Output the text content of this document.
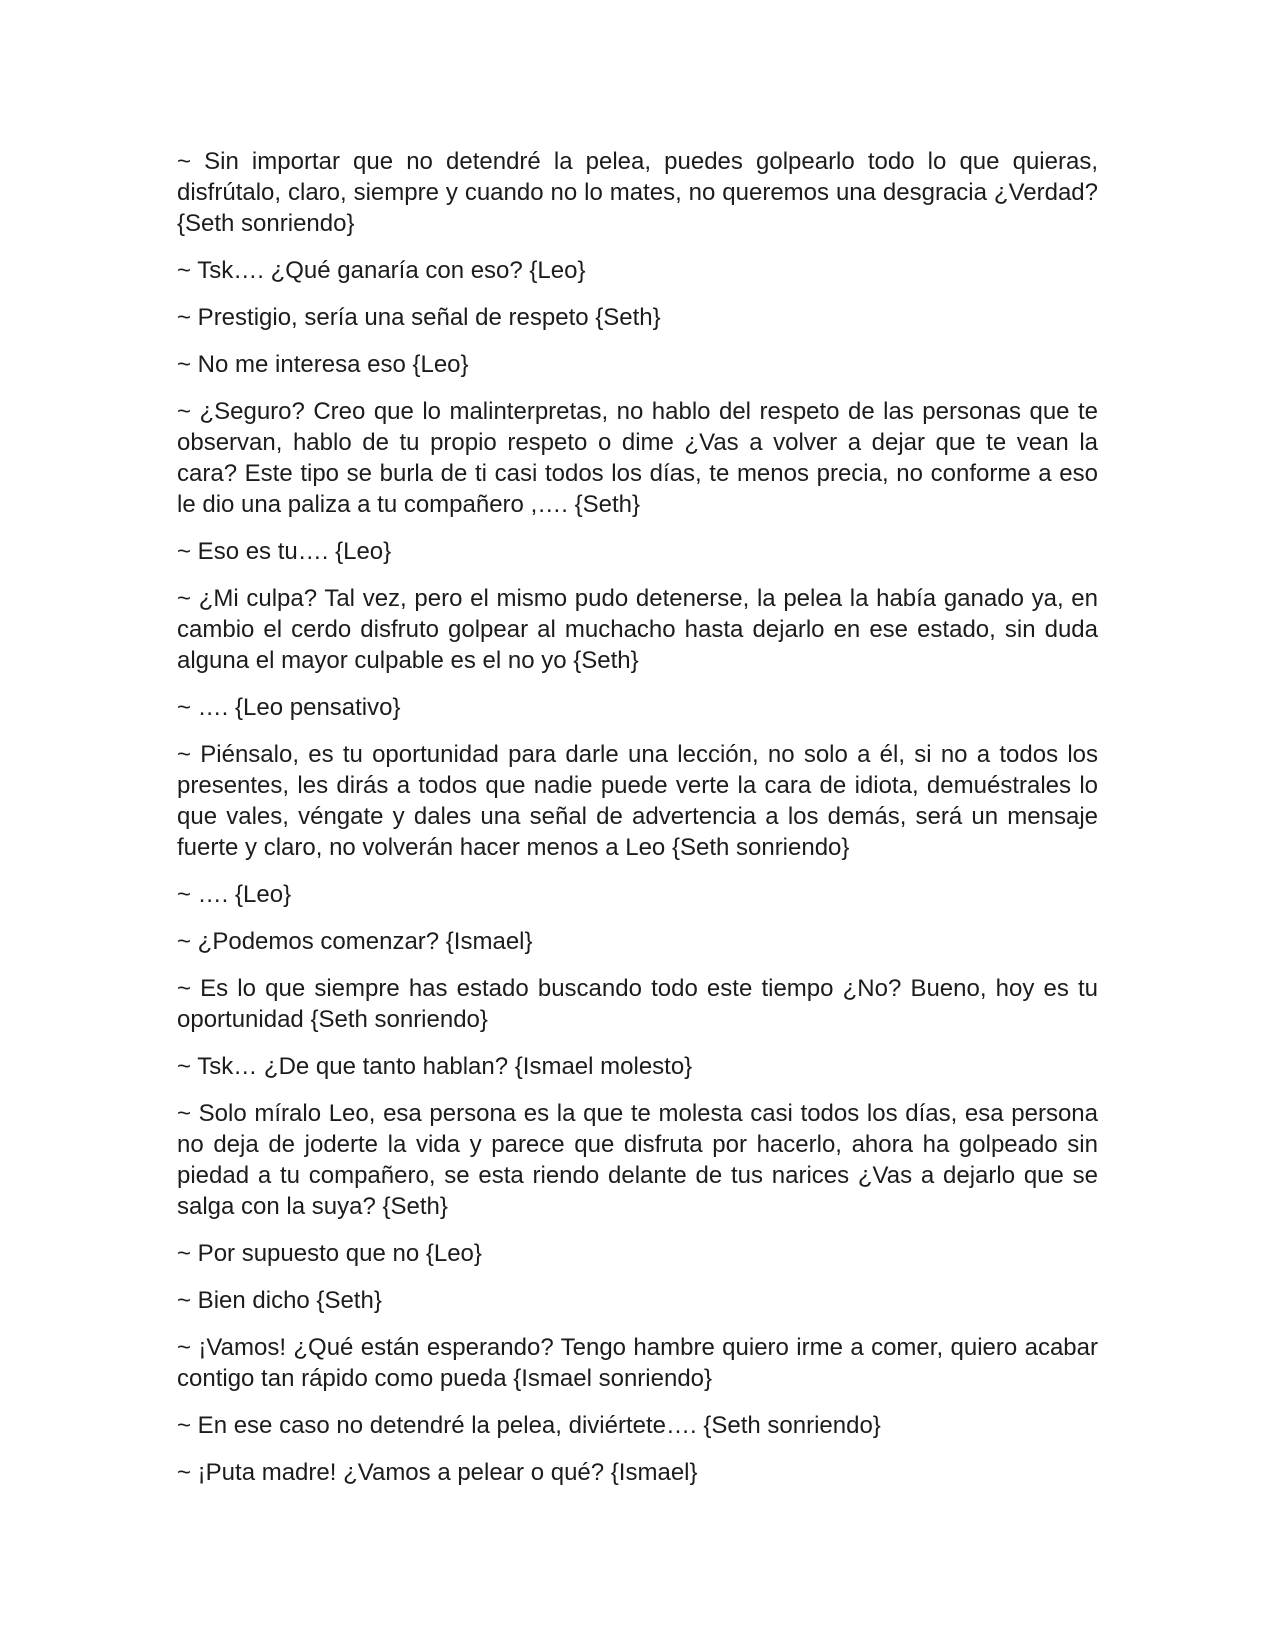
~ Sin importar que no detendré la pelea, puedes golpearlo todo lo que quieras, disfrútalo, claro, siempre y cuando no lo mates, no queremos una desgracia ¿Verdad? {Seth sonriendo}

~ Tsk…. ¿Qué ganaría con eso? {Leo}

~ Prestigio, sería una señal de respeto {Seth}

~ No me interesa eso {Leo}

~ ¿Seguro? Creo que lo malinterpretas, no hablo del respeto de las personas que te observan, hablo de tu propio respeto o dime ¿Vas a volver a dejar que te vean la cara? Este tipo se burla de ti casi todos los días, te menos precia, no conforme a eso le dio una paliza a tu compañero ,…. {Seth}

~ Eso es tu…. {Leo}

~ ¿Mi culpa? Tal vez, pero el mismo pudo detenerse, la pelea la había ganado ya, en cambio el cerdo disfruto golpear al muchacho hasta dejarlo en ese estado, sin duda alguna el mayor culpable es el no yo {Seth}

~ …. {Leo pensativo}

~ Piénsalo, es tu oportunidad para darle una lección, no solo a él, si no a todos los presentes, les dirás a todos que nadie puede verte la cara de idiota, demuéstrales lo que vales, véngate y dales una señal de advertencia a los demás, será un mensaje fuerte y claro, no volverán hacer menos a Leo {Seth sonriendo}

~ …. {Leo}

~ ¿Podemos comenzar? {Ismael}

~ Es lo que siempre has estado buscando todo este tiempo ¿No? Bueno, hoy es tu oportunidad {Seth sonriendo}

~ Tsk… ¿De que tanto hablan? {Ismael molesto}

~ Solo míralo Leo, esa persona es la que te molesta casi todos los días, esa persona no deja de joderte la vida y parece que disfruta por hacerlo, ahora ha golpeado sin piedad a tu compañero, se esta riendo delante de tus narices ¿Vas a dejarlo que se salga con la suya? {Seth}

~ Por supuesto que no {Leo}

~ Bien dicho {Seth}

~ ¡Vamos! ¿Qué están esperando? Tengo hambre quiero irme a comer, quiero acabar contigo tan rápido como pueda {Ismael sonriendo}

~ En ese caso no detendré la pelea, diviértete…. {Seth sonriendo}

~ ¡Puta madre! ¿Vamos a pelear o qué? {Ismael}
